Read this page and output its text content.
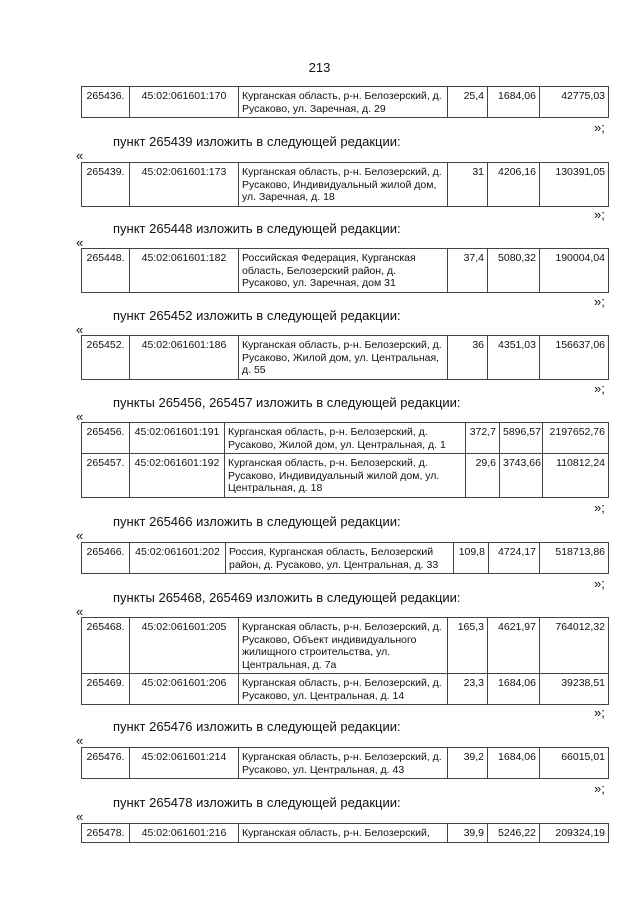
213
265436.	45:02:061601:170	Курганская область, р-н. Белозерский, д. Русаково, ул. Заречная, д. 29	25,4	1684,06	42775,03
»;
пункт 265439 изложить в следующей редакции:
«
265439.	45:02:061601:173	Курганская область, р-н. Белозерский, д. Русаково, Индивидуальный жилой дом, ул. Заречная, д. 18	31	4206,16	130391,05
»;
пункт 265448 изложить в следующей редакции:
«
265448.	45:02:061601:182	Российская Федерация, Курганская область, Белозерский район, д. Русаково, ул. Заречная, дом 31	37,4	5080,32	190004,04
»;
пункт 265452 изложить в следующей редакции:
«
265452.	45:02:061601:186	Курганская область, р-н. Белозерский, д. Русаково, Жилой дом, ул. Центральная, д. 55	36	4351,03	156637,06
»;
пункты 265456, 265457 изложить в следующей редакции:
«
265456.	45:02:061601:191	Курганская область, р-н. Белозерский, д. Русаково, Жилой дом, ул. Центральная, д. 1	372,7	5896,57	2197652,76
265457.	45:02:061601:192	Курганская область, р-н. Белозерский, д. Русаково, Индивидуальный жилой дом, ул. Центральная, д. 18	29,6	3743,66	110812,24
»;
пункт 265466 изложить в следующей редакции:
«
265466.	45:02:061601:202	Россия, Курганская область, Белозерский район, д. Русаково, ул. Центральная, д. 33	109,8	4724,17	518713,86
»;
пункты 265468, 265469 изложить в следующей редакции:
«
265468.	45:02:061601:205	Курганская область, р-н. Белозерский, д. Русаково, Объект индивидуального жилищного строительства, ул. Центральная, д. 7а	165,3	4621,97	764012,32
265469.	45:02:061601:206	Курганская область, р-н. Белозерский, д. Русаково, ул. Центральная, д. 14	23,3	1684,06	39238,51
»;
пункт 265476 изложить в следующей редакции:
«
265476.	45:02:061601:214	Курганская область, р-н. Белозерский, д. Русаково, ул. Центральная, д. 43	39,2	1684,06	66015,01
»;
пункт 265478 изложить в следующей редакции:
«
265478.	45:02:061601:216	Курганская область, р-н. Белозерский,	39,9	5246,22	209324,19
